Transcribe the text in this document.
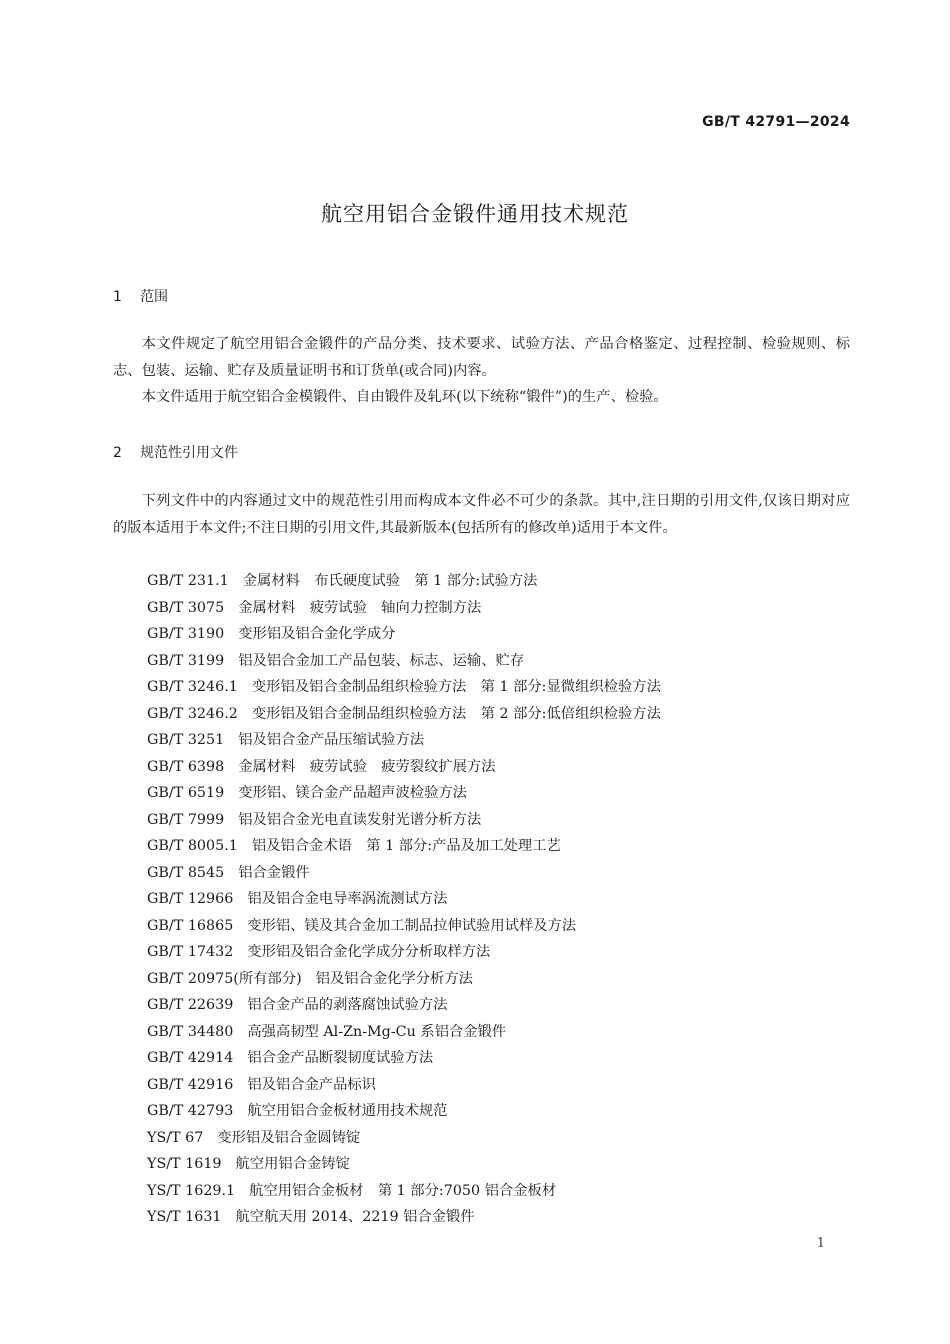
GB/T 42791—2024
航空用铝合金锻件通用技术规范
1 范围

本文件规定了航空用铝合金锻件的产品分类、技术要求、试验方法、产品合格鉴定、过程控制、检验规则、标志、包装、运输、贮存及质量证明书和订货单(或合同)内容。

本文件适用于航空铝合金模锻件、自由锻件及轧环(以下统称“锻件”)的生产、检验。

2 规范性引用文件

下列文件中的内容通过文中的规范性引用而构成本文件必不可少的条款。其中,注日期的引用文件,仅该日期对应的版本适用于本文件;不注日期的引用文件,其最新版本(包括所有的修改单)适用于本文件。

GB/T 231.1 金属材料　布氏硬度试验　第 1 部分:试验方法
GB/T 3075 金属材料　疲劳试验　轴向力控制方法
GB/T 3190 变形铝及铝合金化学成分
GB/T 3199 铝及铝合金加工产品包装、标志、运输、贮存
GB/T 3246.1 变形铝及铝合金制品组织检验方法　第 1 部分:显微组织检验方法
GB/T 3246.2 变形铝及铝合金制品组织检验方法　第 2 部分:低倍组织检验方法
GB/T 3251 铝及铝合金产品压缩试验方法
GB/T 6398 金属材料　疲劳试验　疲劳裂纹扩展方法
GB/T 6519 变形铝、镁合金产品超声波检验方法
GB/T 7999 铝及铝合金光电直读发射光谱分析方法
GB/T 8005.1 铝及铝合金术语　第 1 部分:产品及加工处理工艺
GB/T 8545 铝合金锻件
GB/T 12966 铝及铝合金电导率涡流测试方法
GB/T 16865 变形铝、镁及其合金加工制品拉伸试验用试样及方法
GB/T 17432 变形铝及铝合金化学成分分析取样方法
GB/T 20975(所有部分) 铝及铝合金化学分析方法
GB/T 22639 铝合金产品的剥落腐蚀试验方法
GB/T 34480 高强高韧型 Al-Zn-Mg-Cu 系铝合金锻件
GB/T 42914 铝合金产品断裂韧度试验方法
GB/T 42916 铝及铝合金产品标识
GB/T 42793 航空用铝合金板材通用技术规范
YS/T 67 变形铝及铝合金圆铸锭
YS/T 1619 航空用铝合金铸锭
YS/T 1629.1 航空用铝合金板材　第 1 部分:7050 铝合金板材
YS/T 1631 航空航天用 2014、2219 铝合金锻件
1
